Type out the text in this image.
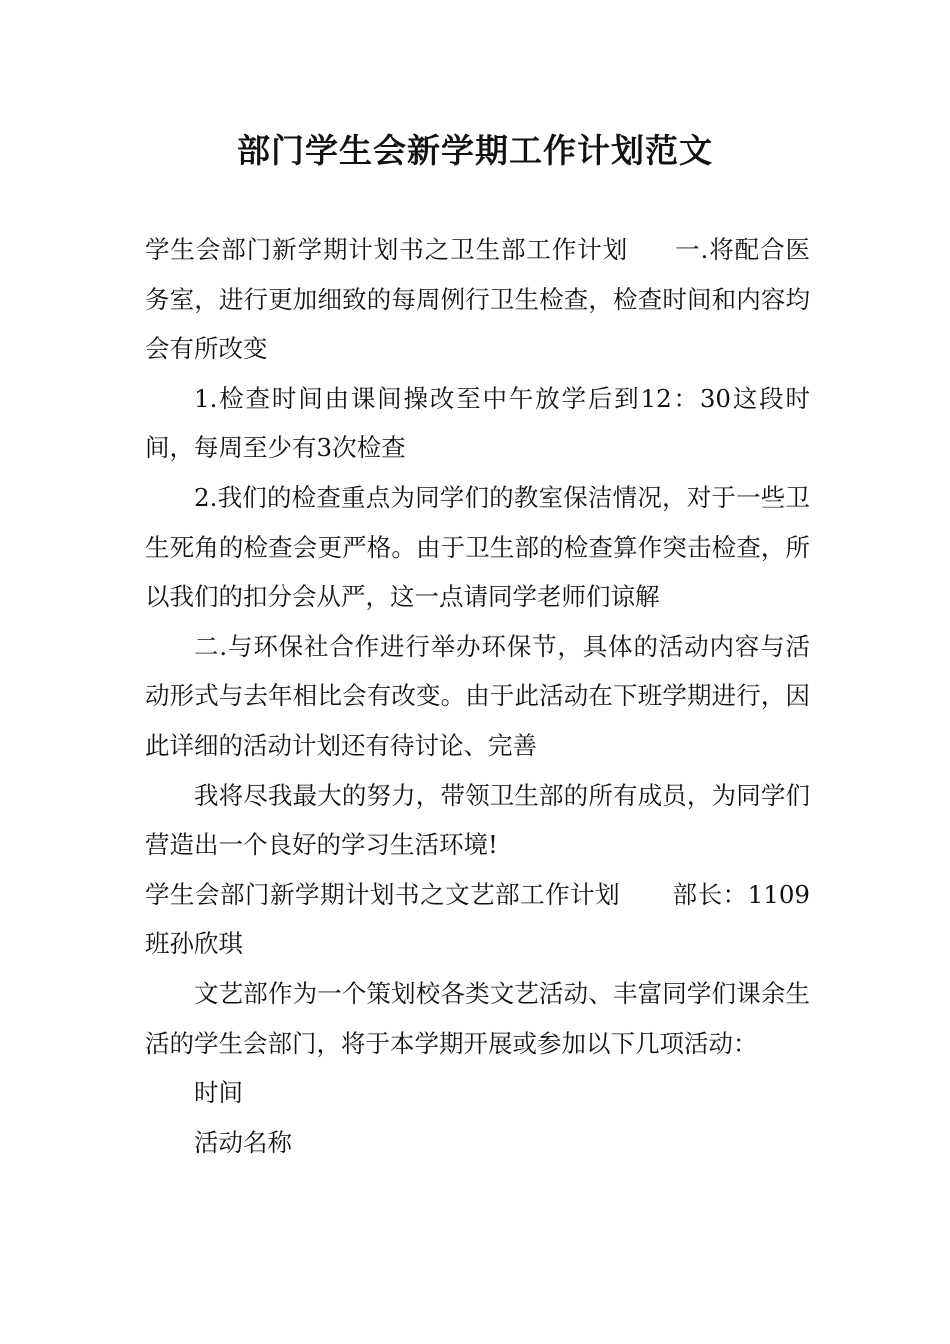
部门学生会新学期工作计划范文

学生会部门新学期计划书之卫生部工作计划 一.将配合医务室，进行更加细致的每周例行卫生检查，检查时间和内容均会有所改变

1.检查时间由课间操改至中午放学后到12：30这段时间，每周至少有3次检查

2.我们的检查重点为同学们的教室保洁情况，对于一些卫生死角的检查会更严格。由于卫生部的检查算作突击检查，所以我们的扣分会从严，这一点请同学老师们谅解

二.与环保社合作进行举办环保节，具体的活动内容与活动形式与去年相比会有改变。由于此活动在下班学期进行，因此详细的活动计划还有待讨论、完善

我将尽我最大的努力，带领卫生部的所有成员，为同学们营造出一个良好的学习生活环境!

学生会部门新学期计划书之文艺部工作计划 部长：1109班孙欣琪

文艺部作为一个策划校各类文艺活动、丰富同学们课余生活的学生会部门，将于本学期开展或参加以下几项活动：

时间

活动名称
